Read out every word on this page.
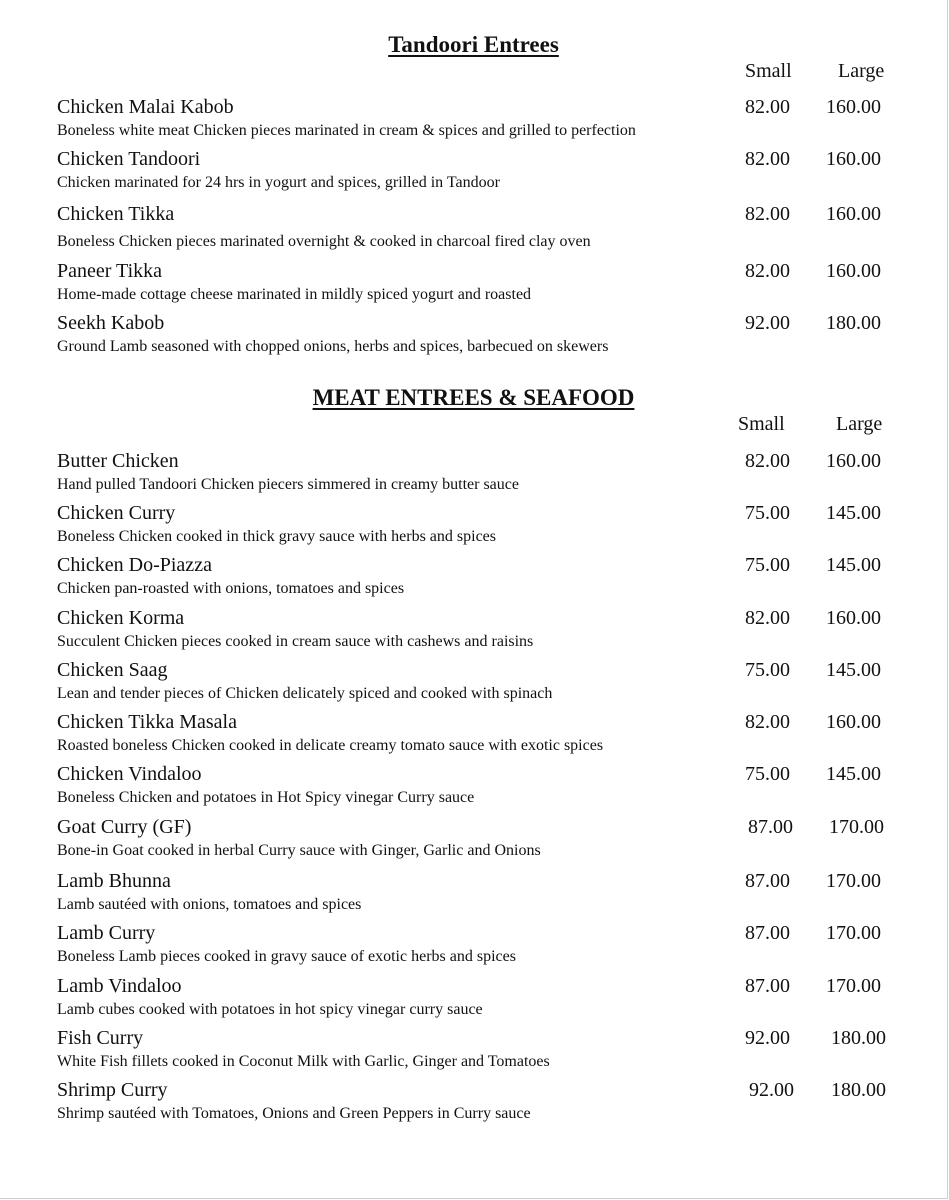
Tandoori Entrees
Small Large
Chicken Malai Kabob
Boneless white meat Chicken pieces marinated in cream & spices and grilled to perfection
82.00 160.00
Chicken Tandoori
Chicken marinated for 24 hrs in yogurt and spices, grilled in Tandoor
82.00 160.00
Chicken Tikka
Boneless Chicken pieces marinated overnight & cooked in charcoal fired clay oven
82.00 160.00
Paneer Tikka
Home-made cottage cheese marinated in mildly spiced yogurt and roasted
82.00 160.00
Seekh Kabob
Ground Lamb seasoned with chopped onions, herbs and spices, barbecued on skewers
92.00 180.00
MEAT ENTREES & SEAFOOD
Small	Large
Butter Chicken
Hand pulled Tandoori Chicken piecers simmered in creamy butter sauce
82.00 160.00
Chicken Curry
Boneless Chicken cooked in thick gravy sauce with herbs and spices
75.00 145.00
Chicken Do-Piazza
Chicken pan-roasted with onions, tomatoes and spices
75.00 145.00
Chicken Korma
Succulent Chicken pieces cooked in cream sauce with cashews and raisins
82.00 160.00
Chicken Saag
Lean and tender pieces of Chicken delicately spiced and cooked with spinach
75.00 145.00
Chicken Tikka Masala
Roasted boneless Chicken cooked in delicate creamy tomato sauce with exotic spices
82.00 160.00
Chicken Vindaloo
Boneless Chicken and potatoes in Hot Spicy vinegar Curry sauce
75.00 145.00
Goat Curry (GF)
Bone-in Goat cooked in herbal Curry sauce with Ginger, Garlic and Onions
87.00 170.00
Lamb Bhunna
Lamb sautéed with onions, tomatoes and spices
87.00 170.00
Lamb Curry
Boneless Lamb pieces cooked in gravy sauce of exotic herbs and spices
87.00 170.00
Lamb Vindaloo
Lamb cubes cooked with potatoes in hot spicy vinegar curry sauce
87.00 170.00
Fish Curry
White Fish fillets cooked in Coconut Milk with Garlic, Ginger and Tomatoes
92.00 180.00
Shrimp Curry
Shrimp sautéed with Tomatoes, Onions and Green Peppers in Curry sauce
92.00 180.00
